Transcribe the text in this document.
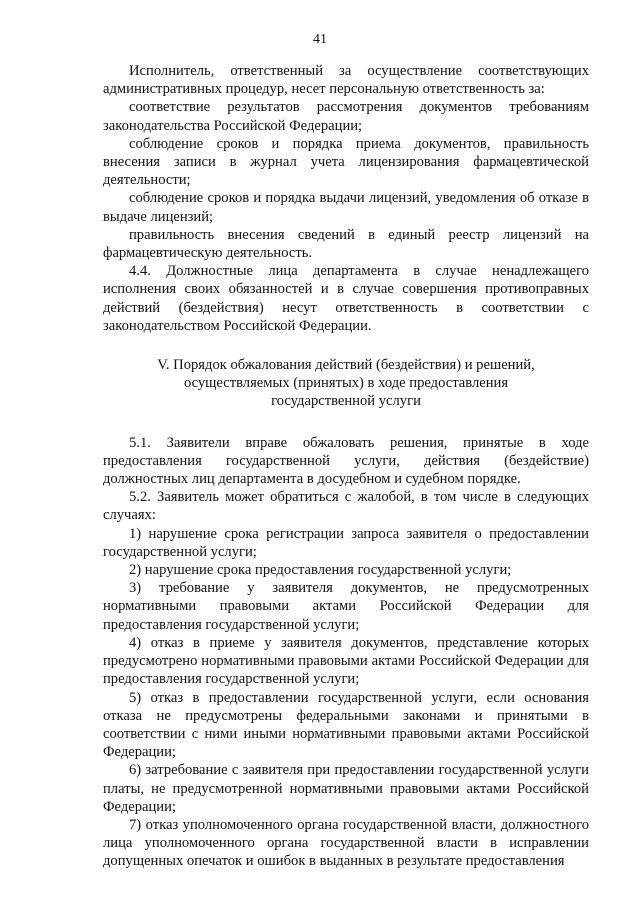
41

Исполнитель, ответственный за осуществление соответствующих административных процедур, несет персональную ответственность за:

соответствие результатов рассмотрения документов требованиям законодательства Российской Федерации;

соблюдение сроков и порядка приема документов, правильность внесения записи в журнал учета лицензирования фармацевтической деятельности;

соблюдение сроков и порядка выдачи лицензий, уведомления об отказе в выдаче лицензий;

правильность внесения сведений в единый реестр лицензий на фармацевтическую деятельность.

4.4. Должностные лица департамента в случае ненадлежащего исполнения своих обязанностей и в случае совершения противоправных действий (бездействия) несут ответственность в соответствии с законодательством Российской Федерации.

V. Порядок обжалования действий (бездействия) и решений,
осуществляемых (принятых) в ходе предоставления
государственной услуги

5.1. Заявители вправе обжаловать решения, принятые в ходе предоставления государственной услуги, действия (бездействие) должностных лиц департамента в досудебном и судебном порядке.

5.2. Заявитель может обратиться с жалобой, в том числе в следующих случаях:

1) нарушение срока регистрации запроса заявителя о предоставлении государственной услуги;

2) нарушение срока предоставления государственной услуги;

3) требование у заявителя документов, не предусмотренных нормативными правовыми актами Российской Федерации для предоставления государственной услуги;

4) отказ в приеме у заявителя документов, представление которых предусмотрено нормативными правовыми актами Российской Федерации для предоставления государственной услуги;

5) отказ в предоставлении государственной услуги, если основания отказа не предусмотрены федеральными законами и принятыми в соответствии с ними иными нормативными правовыми актами Российской Федерации;

6) затребование с заявителя при предоставлении государственной услуги платы, не предусмотренной нормативными правовыми актами Российской Федерации;

7) отказ уполномоченного органа государственной власти, должностного лица уполномоченного органа государственной власти в исправлении допущенных опечаток и ошибок в выданных в результате предоставления
